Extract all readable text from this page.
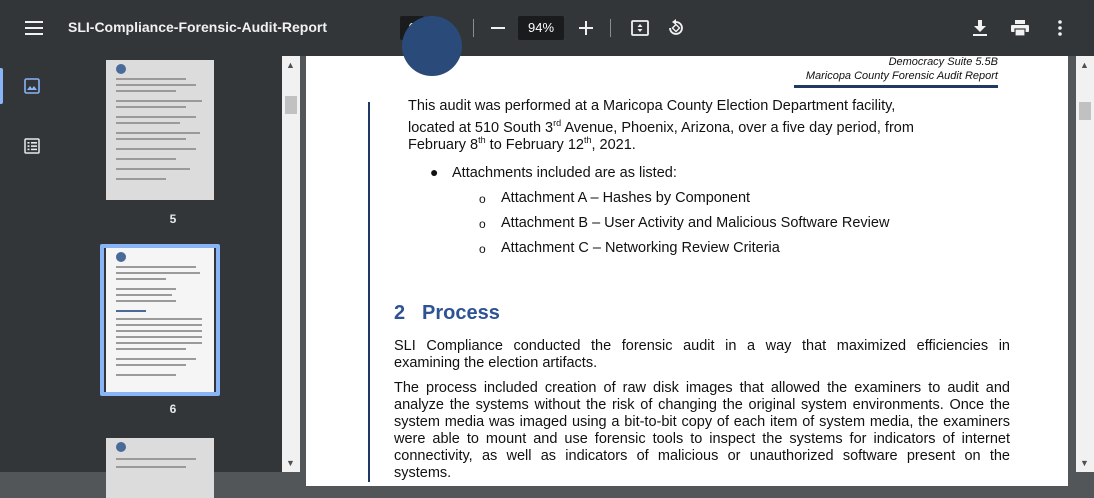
SLI-Compliance-Forensic-Audit-Report	94%
5
6
▲
▼
Democracy Suite 5.5B
Maricopa County Forensic Audit Report
This audit was performed at a Maricopa County Election Department facility,
located at 510 South 3rd Avenue, Phoenix, Arizona, over a five day period, from
February 8th to February 12th, 2021.
● Attachments included are as listed:
o Attachment A – Hashes by Component
o Attachment B – User Activity and Malicious Software Review
o Attachment C – Networking Review Criteria
2 Process
SLI Compliance conducted the forensic audit in a way that maximized efficiencies in
examining the election artifacts.
The process included creation of raw disk images that allowed the examiners to audit and
analyze the systems without the risk of changing the original system environments. Once the
system media was imaged using a bit-to-bit copy of each item of system media, the examiners
were able to mount and use forensic tools to inspect the systems for indicators of internet
connectivity, as well as indicators of malicious or unauthorized software present on the
systems.
▲
▼
